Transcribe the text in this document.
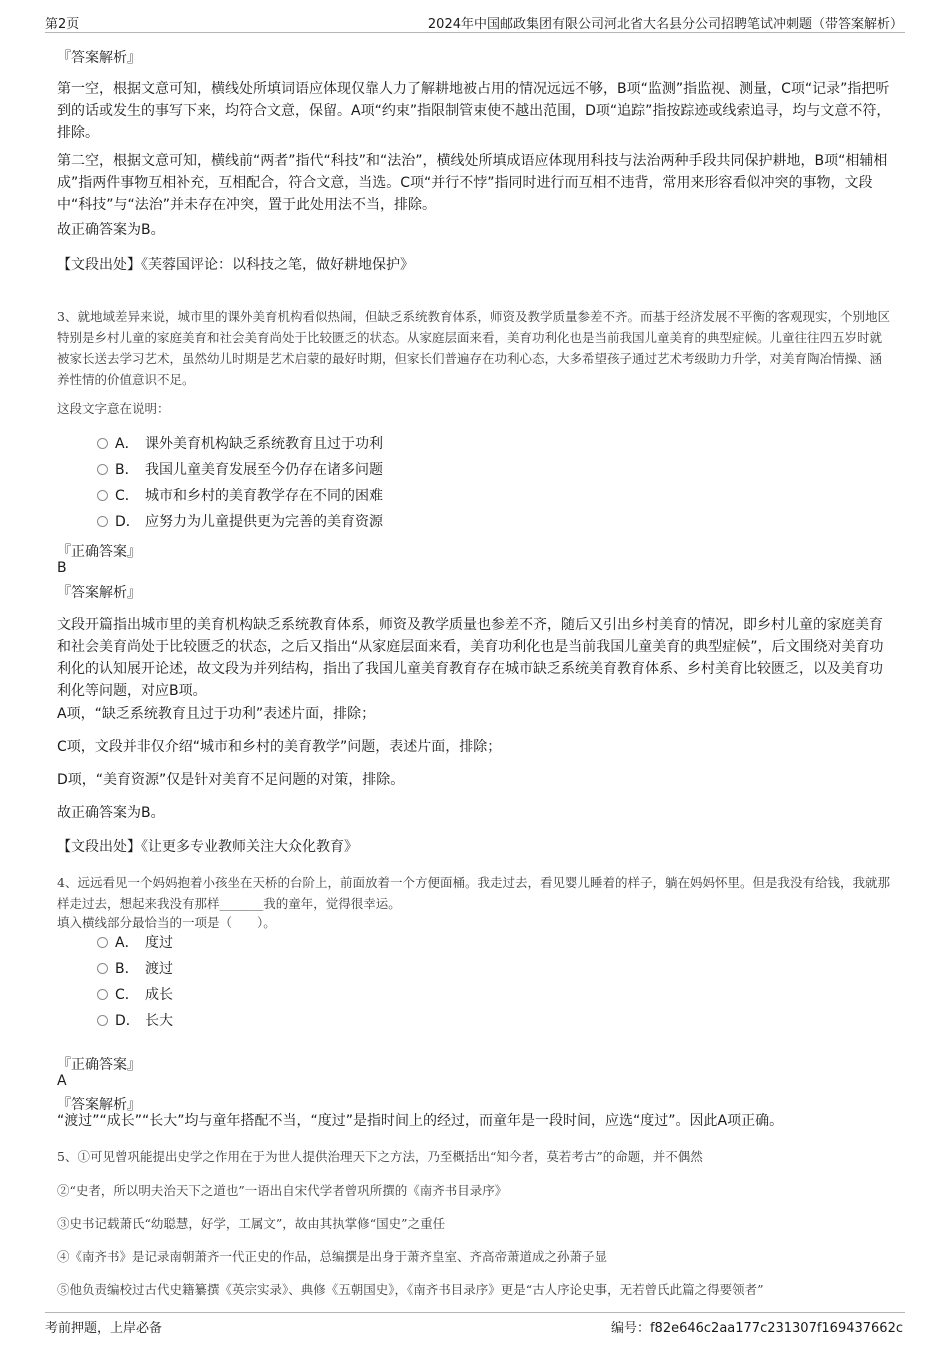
第2页	2024年中国邮政集团有限公司河北省大名县分公司招聘笔试冲刺题（带答案解析）
『答案解析』
第一空，根据文意可知，横线处所填词语应体现仅靠人力了解耕地被占用的情况远远不够，B项“监测”指监视、测量，C项“记录”指把听到的话或发生的事写下来，均符合文意，保留。A项“约束”指限制管束使不越出范围，D项“追踪”指按踪迹或线索追寻，均与文意不符，排除。
第二空，根据文意可知，横线前“两者”指代“科技”和“法治”，横线处所填成语应体现用科技与法治两种手段共同保护耕地，B项“相辅相成”指两件事物互相补充，互相配合，符合文意，当选。C项“并行不悖”指同时进行而互相不违背，常用来形容看似冲突的事物，文段中“科技”与“法治”并未存在冲突，置于此处用法不当，排除。
故正确答案为B。
【文段出处】《芙蓉国评论：以科技之笔，做好耕地保护》
3、就地域差异来说，城市里的课外美育机构看似热闹，但缺乏系统教育体系，师资及教学质量参差不齐。而基于经济发展不平衡的客观现实，个别地区特别是乡村儿童的家庭美育和社会美育尚处于比较匮乏的状态。从家庭层面来看，美育功利化也是当前我国儿童美育的典型症候。儿童往往四五岁时就被家长送去学习艺术，虽然幼儿时期是艺术启蒙的最好时期，但家长们普遍存在功利心态，大多希望孩子通过艺术考级助力升学，对美育陶冶情操、涵养性情的价值意识不足。
这段文字意在说明：
A． 课外美育机构缺乏系统教育且过于功利
B． 我国儿童美育发展至今仍存在诸多问题
C． 城市和乡村的美育教学存在不同的困难
D． 应努力为儿童提供更为完善的美育资源
『正确答案』
B
『答案解析』
文段开篇指出城市里的美育机构缺乏系统教育体系，师资及教学质量也参差不齐，随后又引出乡村美育的情况，即乡村儿童的家庭美育和社会美育尚处于比较匮乏的状态，之后又指出“从家庭层面来看，美育功利化也是当前我国儿童美育的典型症候”，后文围绕对美育功利化的认知展开论述，故文段为并列结构，指出了我国儿童美育教育存在城市缺乏系统美育教育体系、乡村美育比较匮乏，以及美育功利化等问题，对应B项。
A项，“缺乏系统教育且过于功利”表述片面，排除；
C项，文段并非仅介绍“城市和乡村的美育教学”问题，表述片面，排除；
D项，“美育资源”仅是针对美育不足问题的对策，排除。
故正确答案为B。
【文段出处】《让更多专业教师关注大众化教育》
4、远远看见一个妈妈抱着小孩坐在天桥的台阶上，前面放着一个方便面桶。我走过去，看见婴儿睡着的样子，躺在妈妈怀里。但是我没有给钱，我就那样走过去，想起来我没有那样_______我的童年，觉得很幸运。
填入横线部分最恰当的一项是（　　）。
A． 度过
B． 渡过
C． 成长
D． 长大
『正确答案』
A
『答案解析』
“渡过”“成长”“长大”均与童年搭配不当，“度过”是指时间上的经过，而童年是一段时间，应选“度过”。因此A项正确。
5、①可见曾巩能提出史学之作用在于为世人提供治理天下之方法，乃至概括出“知今者，莫若考古”的命题，并不偶然
②“史者，所以明夫治天下之道也”一语出自宋代学者曾巩所撰的《南齐书目录序》
③史书记载萧氏“幼聪慧，好学，工属文”，故由其执掌修“国史”之重任
④《南齐书》是记录南朝萧齐一代正史的作品，总编撰是出身于萧齐皇室、齐高帝萧道成之孙萧子显
⑤他负责编校过古代史籍纂撰《英宗实录》、典修《五朝国史》，《南齐书目录序》更是“古人序论史事，无若曾氏此篇之得要领者”
考前押题，上岸必备	编号：f82e646c2aa177c231307f169437662c
